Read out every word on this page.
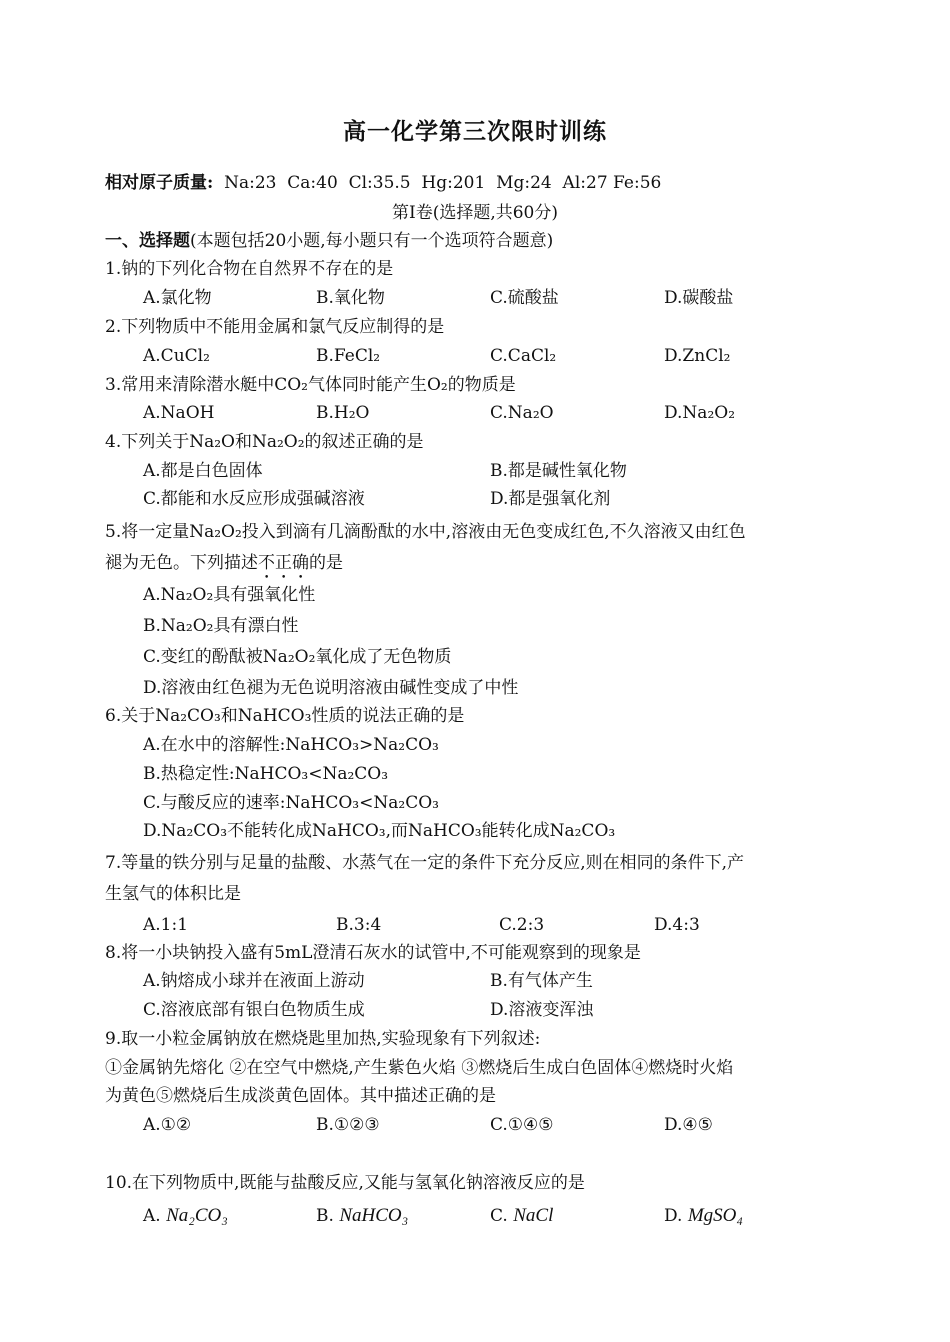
高一化学第三次限时训练
相对原子质量: Na:23  Ca:40  Cl:35.5  Hg:201  Mg:24  Al:27 Fe:56
第Ⅰ卷(选择题,共60分)
一、选择题(本题包括20小题,每小题只有一个选项符合题意)
1.钠的下列化合物在自然界不存在的是
A.氯化物	B.氧化物	C.硫酸盐	D.碳酸盐
2.下列物质中不能用金属和氯气反应制得的是
A.CuCl₂	B.FeCl₂	C.CaCl₂	D.ZnCl₂
3.常用来清除潜水艇中CO₂气体同时能产生O₂的物质是
A.NaOH	B.H₂O	C.Na₂O	D.Na₂O₂
4.下列关于Na₂O和Na₂O₂的叙述正确的是
A.都是白色固体	B.都是碱性氧化物
C.都能和水反应形成强碱溶液	D.都是强氧化剂
5.将一定量Na₂O₂投入到滴有几滴酚酞的水中,溶液由无色变成红色,不久溶液又由红色
褪为无色。下列描述不正确的是
A.Na₂O₂具有强氧化性
B.Na₂O₂具有漂白性
C.变红的酚酞被Na₂O₂氧化成了无色物质
D.溶液由红色褪为无色说明溶液由碱性变成了中性
6.关于Na₂CO₃和NaHCO₃性质的说法正确的是
A.在水中的溶解性:NaHCO₃>Na₂CO₃
B.热稳定性:NaHCO₃<Na₂CO₃
C.与酸反应的速率:NaHCO₃<Na₂CO₃
D.Na₂CO₃不能转化成NaHCO₃,而NaHCO₃能转化成Na₂CO₃
7.等量的铁分别与足量的盐酸、水蒸气在一定的条件下充分反应,则在相同的条件下,产
生氢气的体积比是
A.1:1	B.3:4	C.2:3	D.4:3
8.将一小块钠投入盛有5mL澄清石灰水的试管中,不可能观察到的现象是
A.钠熔成小球并在液面上游动	B.有气体产生
C.溶液底部有银白色物质生成	D.溶液变浑浊
9.取一小粒金属钠放在燃烧匙里加热,实验现象有下列叙述:
①金属钠先熔化 ②在空气中燃烧,产生紫色火焰 ③燃烧后生成白色固体④燃烧时火焰
为黄色⑤燃烧后生成淡黄色固体。其中描述正确的是
A.①②	B.①②③	C.①④⑤	D.④⑤
10.在下列物质中,既能与盐酸反应,又能与氢氧化钠溶液反应的是
A. Na₂CO₃	B. NaHCO₃	C. NaCl	D. MgSO₄
